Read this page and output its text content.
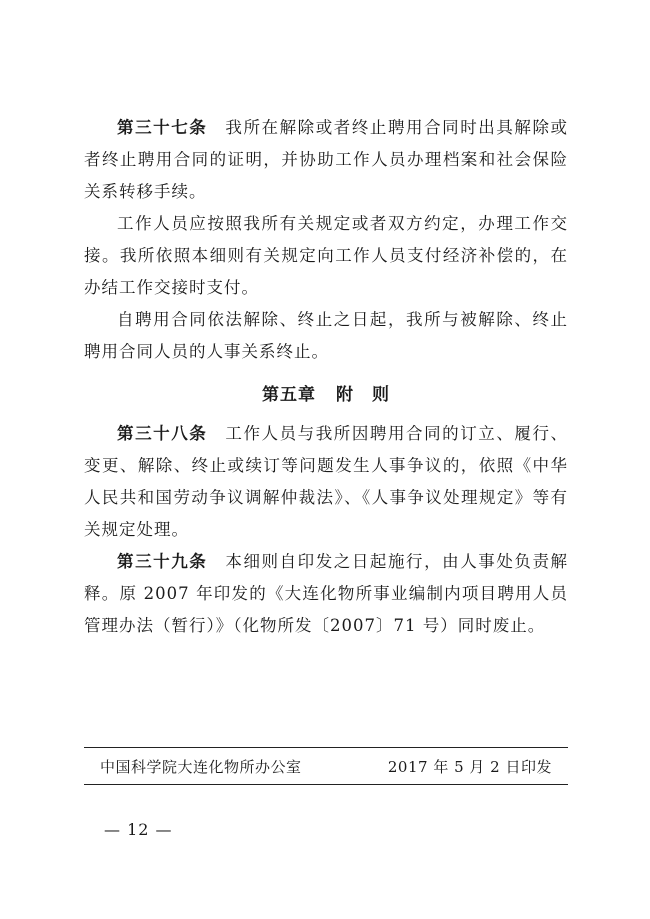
第三十七条　 我所在解除或者终止聘用合同时出具解除或者终止聘用合同的证明，并协助工作人员办理档案和社会保险关系转移手续。

工作人员应按照我所有关规定或者双方约定，办理工作交接。我所依照本细则有关规定向工作人员支付经济补偿的，在办结工作交接时支付。

自聘用合同依法解除、终止之日起，我所与被解除、终止聘用合同人员的人事关系终止。

第五章 附　则

第三十八条　 工作人员与我所因聘用合同的订立、履行、变更、解除、终止或续订等问题发生人事争议的，依照《中华人民共和国劳动争议调解仲裁法》、《人事争议处理规定》等有关规定处理。

第三十九条　 本细则自印发之日起施行，由人事处负责解释。原 2007 年印发的《大连化物所事业编制内项目聘用人员管理办法（暂行）》（化物所发〔2007〕71 号）同时废止。

中国科学院大连化物所办公室	2017 年 5 月 2 日印发
— 12 —
